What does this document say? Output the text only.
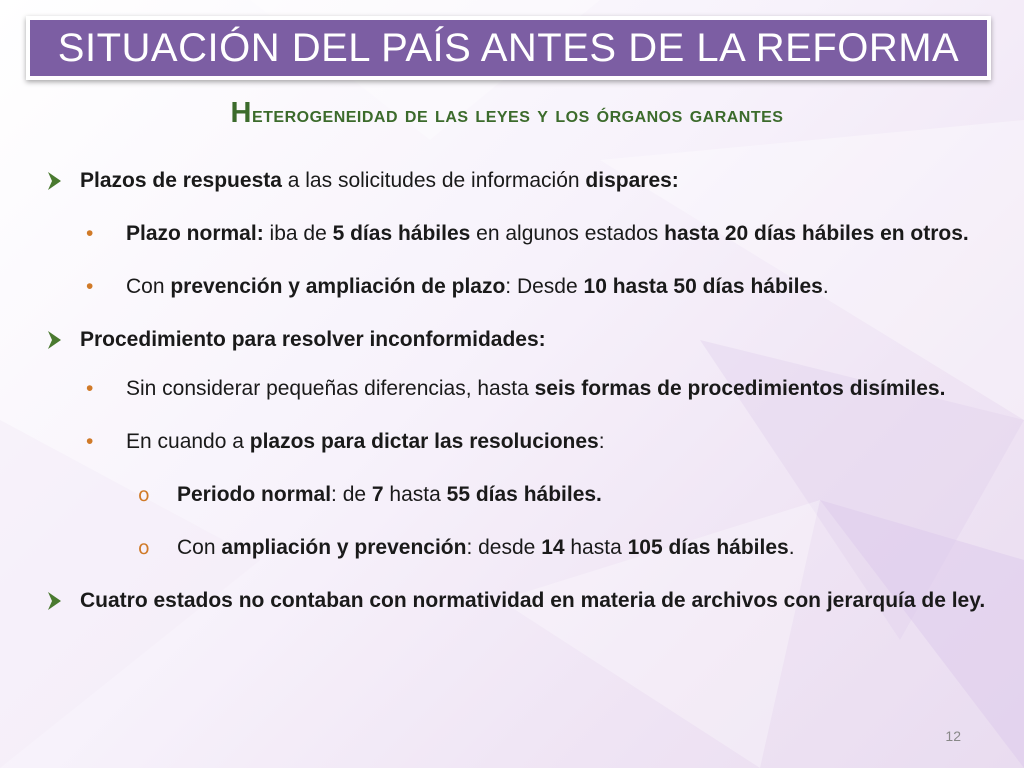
SITUACIÓN DEL PAÍS ANTES DE LA REFORMA
Heterogeneidad de las leyes y los órganos garantes
Plazos de respuesta a las solicitudes de información dispares:
• Plazo normal: iba de 5 días hábiles en algunos estados hasta 20 días hábiles en otros.
• Con prevención y ampliación de plazo: Desde 10 hasta 50 días hábiles.
Procedimiento para resolver inconformidades:
• Sin considerar pequeñas diferencias, hasta seis formas de procedimientos disímiles.
• En cuando a plazos para dictar las resoluciones:
o Periodo normal: de 7 hasta 55 días hábiles.
o Con ampliación y prevención: desde 14 hasta 105 días hábiles.
Cuatro estados no contaban con normatividad en materia de archivos con jerarquía de ley.
12
